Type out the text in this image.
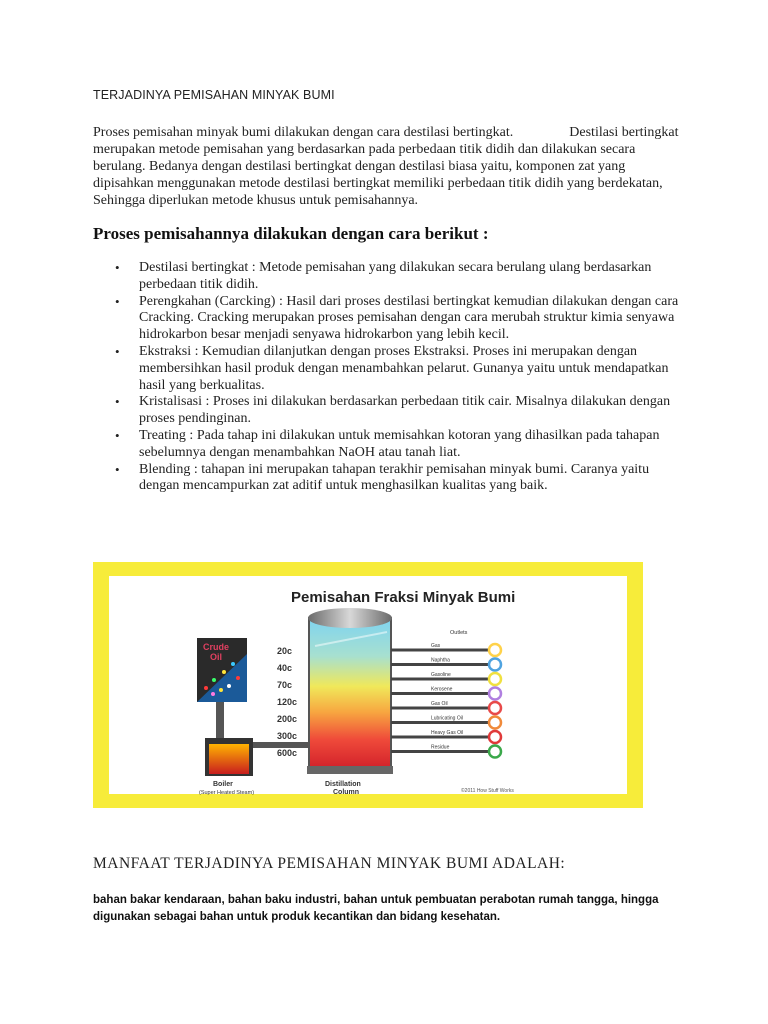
TERJADINYA PEMISAHAN MINYAK BUMI
Proses pemisahan minyak bumi dilakukan dengan cara destilasi bertingkat.	Destilasi bertingkat merupakan metode pemisahan yang berdasarkan pada perbedaan titik didih dan dilakukan secara berulang. Bedanya dengan destilasi bertingkat dengan destilasi biasa yaitu, komponen zat yang dipisahkan menggunakan metode destilasi bertingkat memiliki perbedaan titik didih yang berdekatan, Sehingga diperlukan metode khusus untuk pemisahannya.
Proses pemisahannya dilakukan dengan cara berikut :
• Destilasi bertingkat : Metode pemisahan yang dilakukan secara berulang ulang berdasarkan perbedaan titik didih.
• Perengkahan (Carcking) : Hasil dari proses destilasi bertingkat kemudian dilakukan dengan cara Cracking. Cracking merupakan proses pemisahan dengan cara merubah struktur kimia senyawa hidrokarbon besar menjadi senyawa hidrokarbon yang lebih kecil.
• Ekstraksi : Kemudian dilanjutkan dengan proses Ekstraksi. Proses ini merupakan dengan membersihkan hasil produk dengan menambahkan pelarut. Gunanya yaitu untuk mendapatkan hasil yang berkualitas.
• Kristalisasi : Proses ini dilakukan berdasarkan perbedaan titik cair. Misalnya dilakukan dengan proses pendinginan.
• Treating : Pada tahap ini dilakukan untuk memisahkan kotoran yang dihasilkan pada tahapan sebelumnya dengan menambahkan NaOH atau tanah liat.
• Blending : tahapan ini merupakan tahapan terakhir pemisahan minyak bumi. Caranya yaitu dengan mencampurkan zat aditif untuk menghasilkan kualitas yang baik.
Pemisahan Fraksi Minyak Bumi
Crude
Oil
Boiler
(Super Heated Steam)
Distillation
Column
20c
40c
70c
120c
200c
300c
600c
Outlets
Gas
Naphtha
Gasoline
Kerosene
Gas Oil
Lubricating Oil
Heavy Gas Oil
Residue
©2011 How Stuff Works
MANFAAT TERJADINYA PEMISAHAN MINYAK BUMI ADALAH:
bahan bakar kendaraan, bahan baku industri, bahan untuk pembuatan perabotan rumah tangga, hingga digunakan sebagai bahan untuk produk kecantikan dan bidang kesehatan.
